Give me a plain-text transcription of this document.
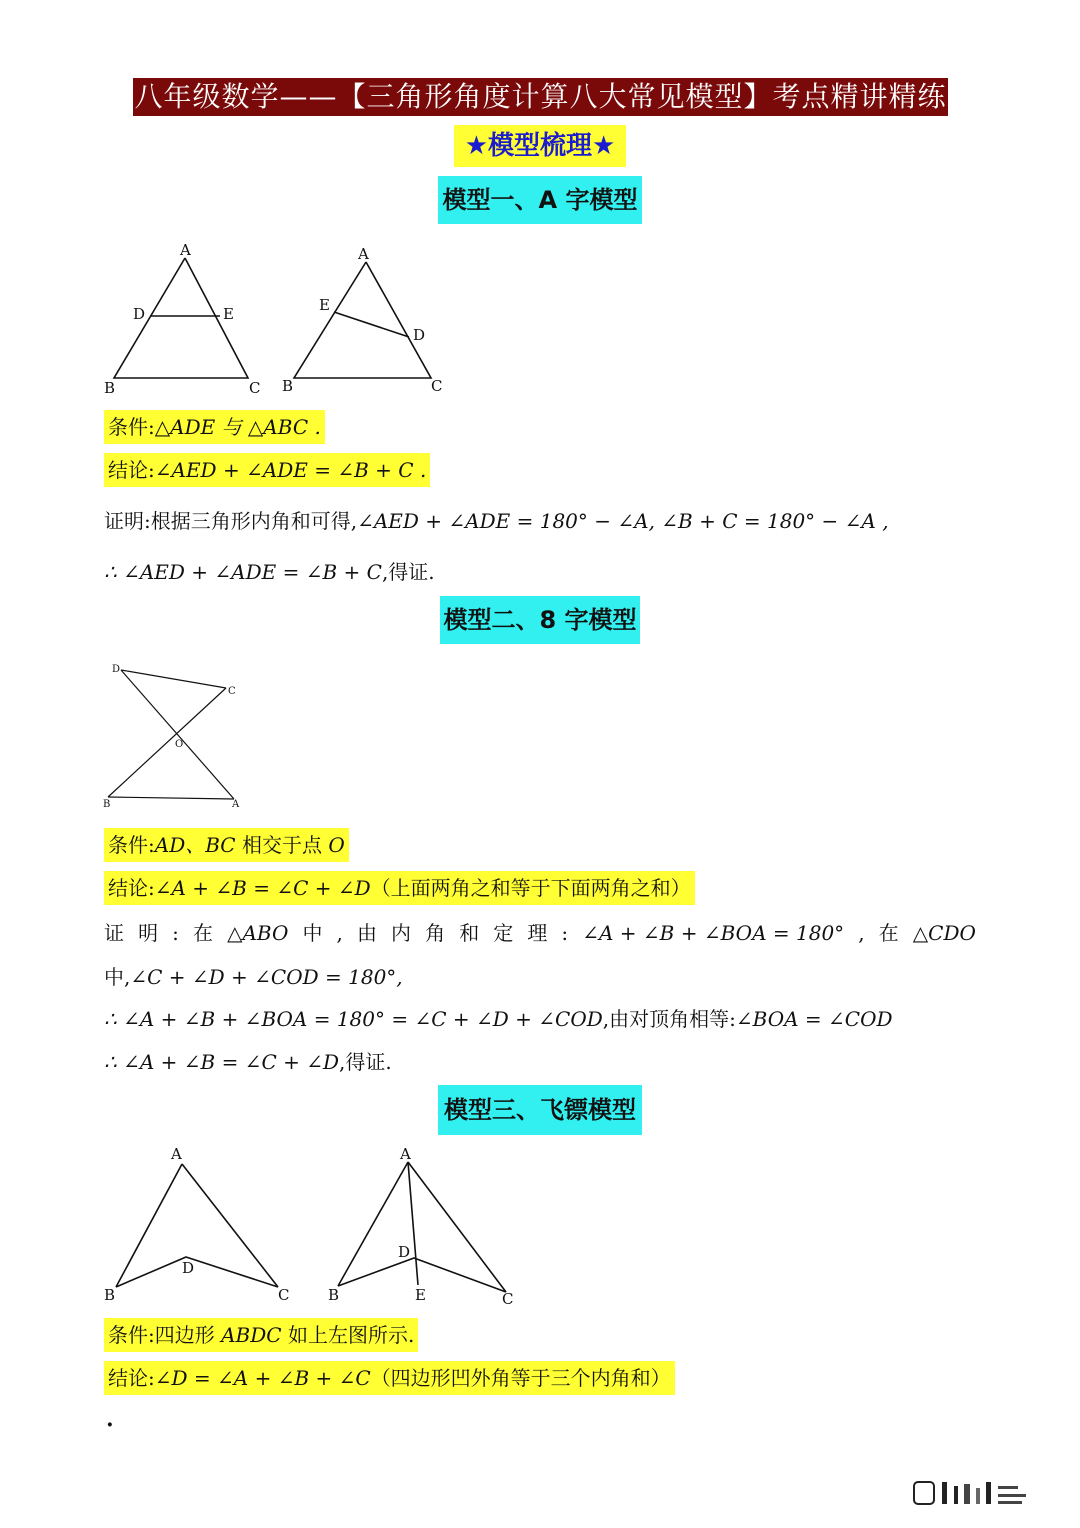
八年级数学——【三角形角度计算八大常见模型】考点精讲精练
★模型梳理★
模型一、A 字模型
A
B	C
D	E
A
B	C
D
E
条件:△ADE 与 △ABC .
结论:∠AED + ∠ADE = ∠B + C .
证明:根据三角形内角和可得,∠AED + ∠ADE = 180° − ∠A, ∠B + C = 180° − ∠A ,
∴ ∠AED + ∠ADE = ∠B + C,得证.
模型二、8 字模型
D
C
O
B	A
条件:AD、BC 相交于点 O
结论:∠A + ∠B = ∠C + ∠D（上面两角之和等于下面两角之和）
证 明 : 在 △ABO 中 , 由 内 角 和 定 理 : ∠A + ∠B + ∠BOA = 180° , 在 △CDO
中,∠C + ∠D + ∠COD = 180°,
∴ ∠A + ∠B + ∠BOA = 180° = ∠C + ∠D + ∠COD,由对顶角相等:∠BOA = ∠COD
∴ ∠A + ∠B = ∠C + ∠D,得证.
模型三、飞镖模型
A
B	C
D
A
B	C
D
E
条件:四边形 ABDC 如上左图所示.
结论:∠D = ∠A + ∠B + ∠C（四边形凹外角等于三个内角和）
·
